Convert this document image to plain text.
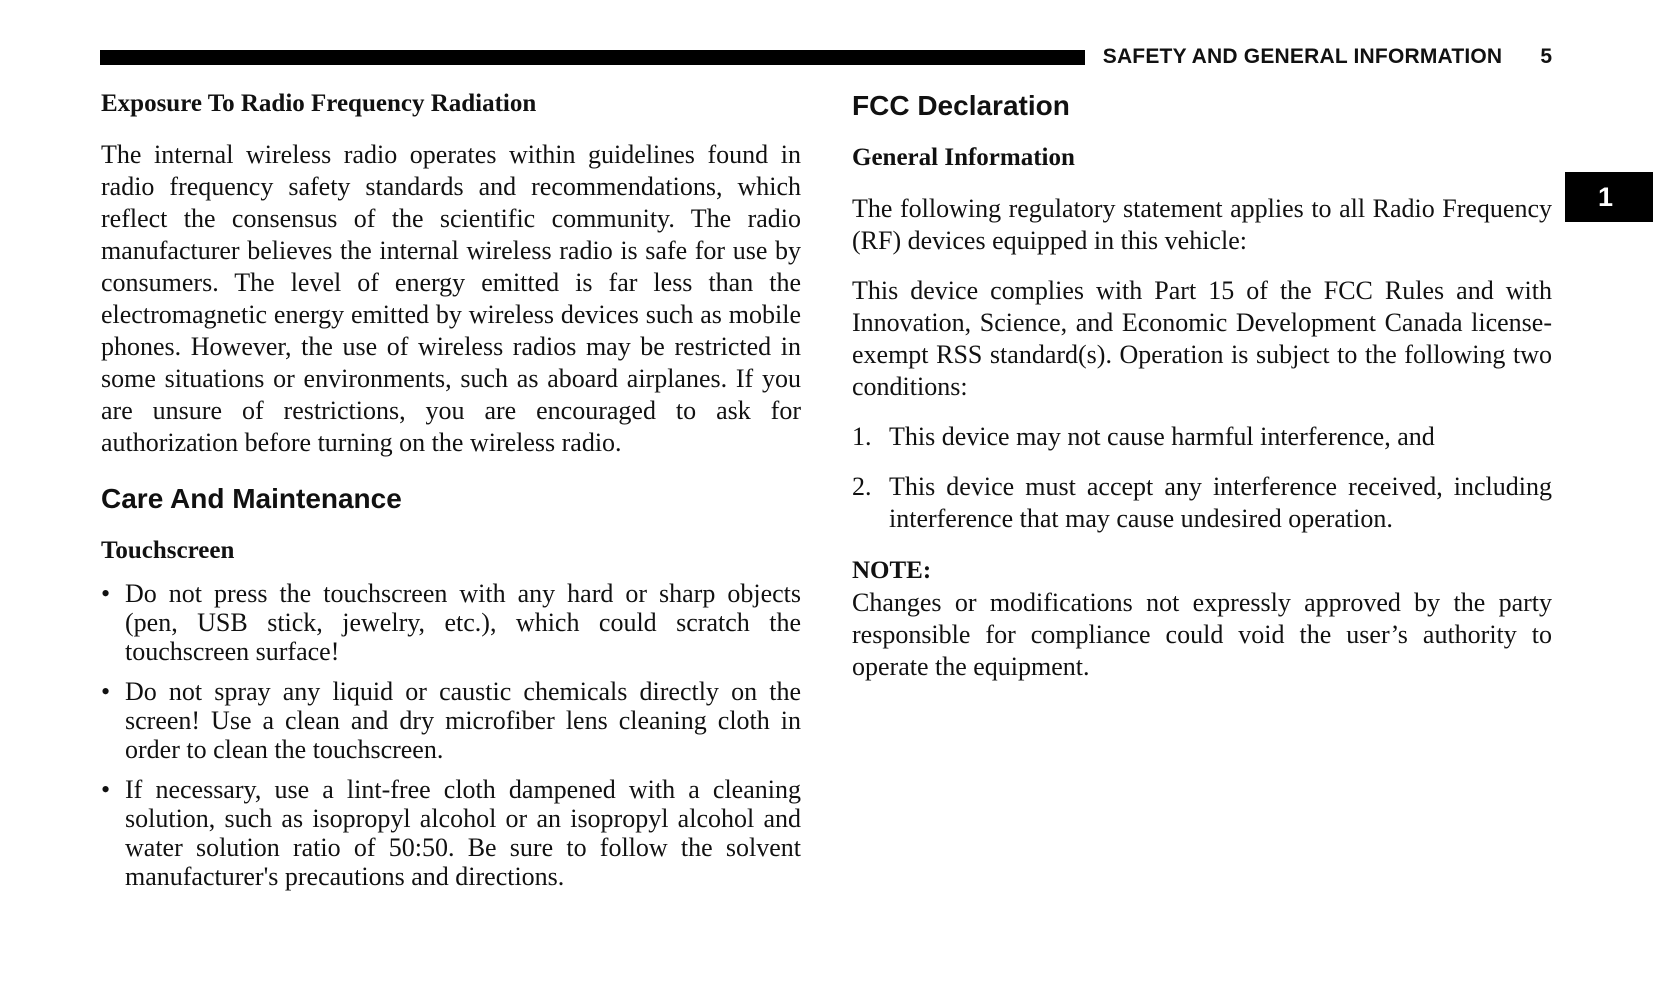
SAFETY AND GENERAL INFORMATION 5
1
Exposure To Radio Frequency Radiation

The internal wireless radio operates within guidelines found in radio frequency safety standards and recommendations, which reflect the consensus of the scientific community. The radio manufacturer believes the internal wireless radio is safe for use by consumers. The level of energy emitted is far less than the electromagnetic energy emitted by wireless devices such as mobile phones. However, the use of wireless radios may be restricted in some situations or environments, such as aboard airplanes. If you are unsure of restrictions, you are encouraged to ask for authorization before turning on the wireless radio.

Care And Maintenance
Touchscreen
• Do not press the touchscreen with any hard or sharp objects (pen, USB stick, jewelry, etc.), which could scratch the touchscreen surface!
• Do not spray any liquid or caustic chemicals directly on the screen! Use a clean and dry microfiber lens cleaning cloth in order to clean the touchscreen.
• If necessary, use a lint-free cloth dampened with a cleaning solution, such as isopropyl alcohol or an isopropyl alcohol and water solution ratio of 50:50. Be sure to follow the solvent manufacturer's precautions and directions.
FCC Declaration
General Information

The following regulatory statement applies to all Radio Frequency (RF) devices equipped in this vehicle:

This device complies with Part 15 of the FCC Rules and with Innovation, Science, and Economic Development Canada license-exempt RSS standard(s). Operation is subject to the following two conditions:

1. This device may not cause harmful interference, and
2. This device must accept any interference received, including interference that may cause undesired operation.
NOTE:

Changes or modifications not expressly approved by the party responsible for compliance could void the user’s authority to operate the equipment.
